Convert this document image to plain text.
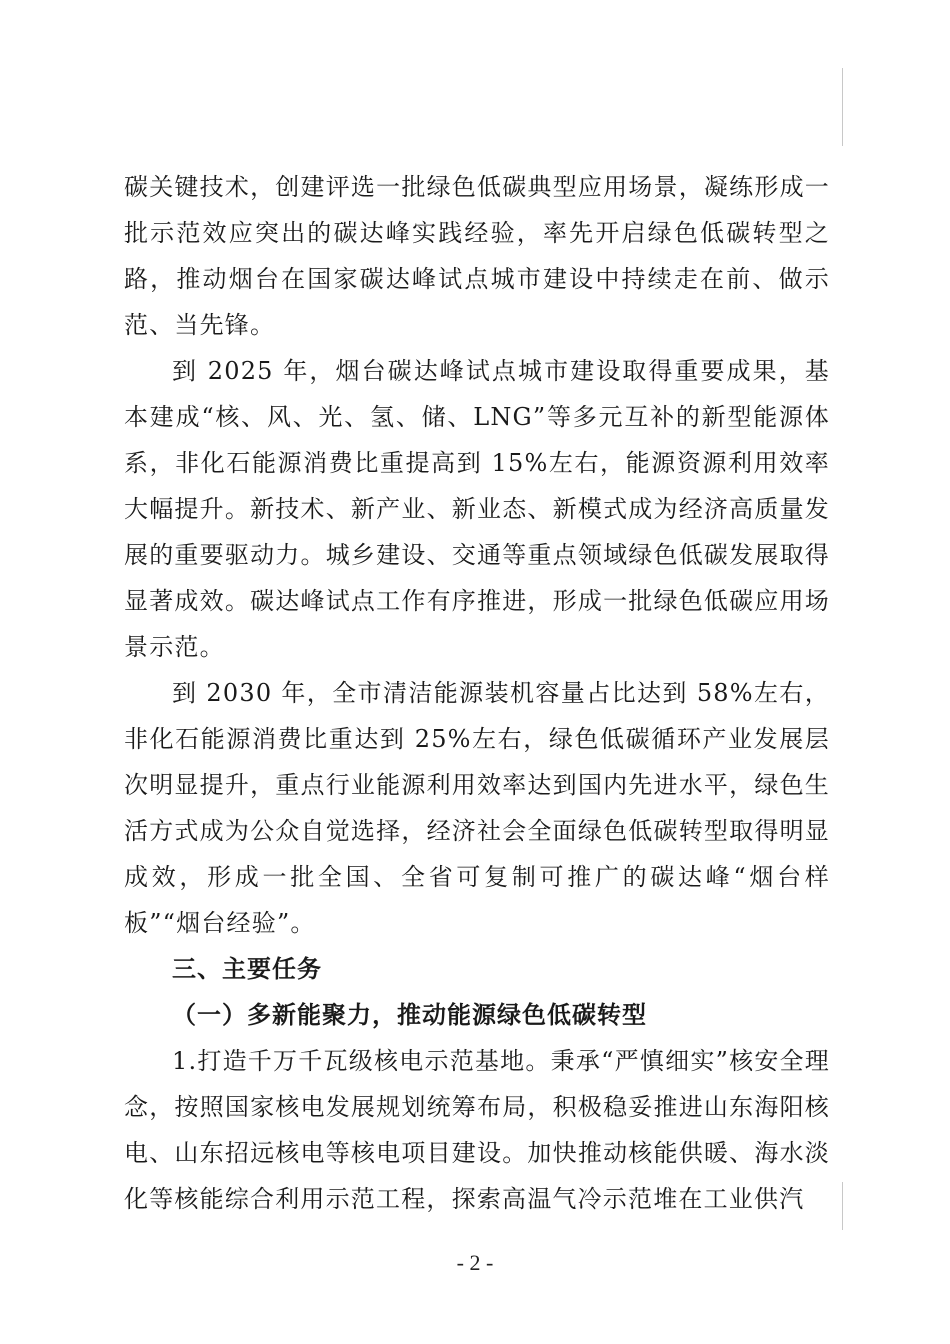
碳关键技术，创建评选一批绿色低碳典型应用场景，凝练形成一批示范效应突出的碳达峰实践经验，率先开启绿色低碳转型之路，推动烟台在国家碳达峰试点城市建设中持续走在前、做示范、当先锋。

到 2025 年，烟台碳达峰试点城市建设取得重要成果，基本建成“核、风、光、氢、储、LNG”等多元互补的新型能源体系，非化石能源消费比重提高到 15%左右，能源资源利用效率大幅提升。新技术、新产业、新业态、新模式成为经济高质量发展的重要驱动力。城乡建设、交通等重点领域绿色低碳发展取得显著成效。碳达峰试点工作有序推进，形成一批绿色低碳应用场景示范。

到 2030 年，全市清洁能源装机容量占比达到 58%左右，非化石能源消费比重达到 25%左右，绿色低碳循环产业发展层次明显提升，重点行业能源利用效率达到国内先进水平，绿色生活方式成为公众自觉选择，经济社会全面绿色低碳转型取得明显成效，形成一批全国、全省可复制可推广的碳达峰“烟台样板”“烟台经验”。

三、主要任务

（一）多新能聚力，推动能源绿色低碳转型

1.打造千万千瓦级核电示范基地。秉承“严慎细实”核安全理念，按照国家核电发展规划统筹布局，积极稳妥推进山东海阳核电、山东招远核电等核电项目建设。加快推动核能供暖、海水淡化等核能综合利用示范工程，探索高温气冷示范堆在工业供汽

- 2 -
